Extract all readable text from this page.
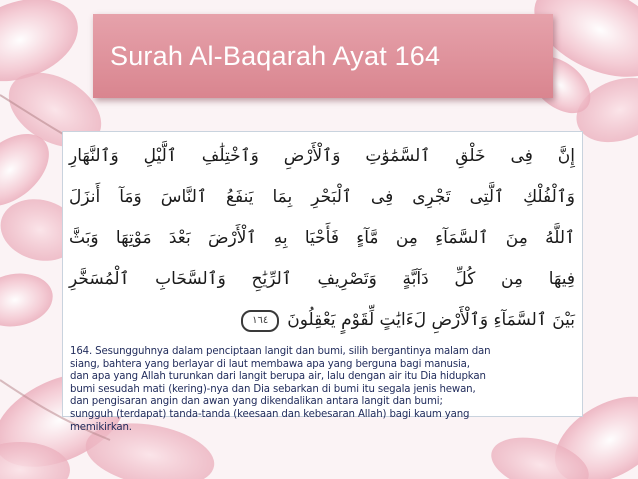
Surah Al-Baqarah Ayat 164
إِنَّ فِى خَلْقِ ٱلسَّمَٰوَٰتِ وَٱلْأَرْضِ وَٱخْتِلَٰفِ ٱلَّيْلِ وَٱلنَّهَارِ
وَٱلْفُلْكِ ٱلَّتِى تَجْرِى فِى ٱلْبَحْرِ بِمَا يَنفَعُ ٱلنَّاسَ وَمَآ أَنزَلَ
ٱللَّهُ مِنَ ٱلسَّمَآءِ مِن مَّآءٍ فَأَحْيَا بِهِ ٱلْأَرْضَ بَعْدَ مَوْتِهَا وَبَثَّ
فِيهَا مِن كُلِّ دَآبَّةٍ وَتَصْرِيفِ ٱلرِّيَٰحِ وَٱلسَّحَابِ ٱلْمُسَخَّرِ
بَيْنَ ٱلسَّمَآءِ وَٱلْأَرْضِ لَءَايَٰتٍ لِّقَوْمٍ يَعْقِلُونَ
١٦٤
164. Sesungguhnya dalam penciptaan langit dan bumi, silih bergantinya malam dan
siang, bahtera yang berlayar di laut membawa apa yang berguna bagi manusia,
dan apa yang Allah turunkan dari langit berupa air, lalu dengan air itu Dia hidupkan
bumi sesudah mati (kering)-nya dan Dia sebarkan di bumi itu segala jenis hewan,
dan pengisaran angin dan awan yang dikendalikan antara langit dan bumi;
sungguh (terdapat) tanda-tanda (keesaan dan kebesaran Allah) bagi kaum yang
memikirkan.
